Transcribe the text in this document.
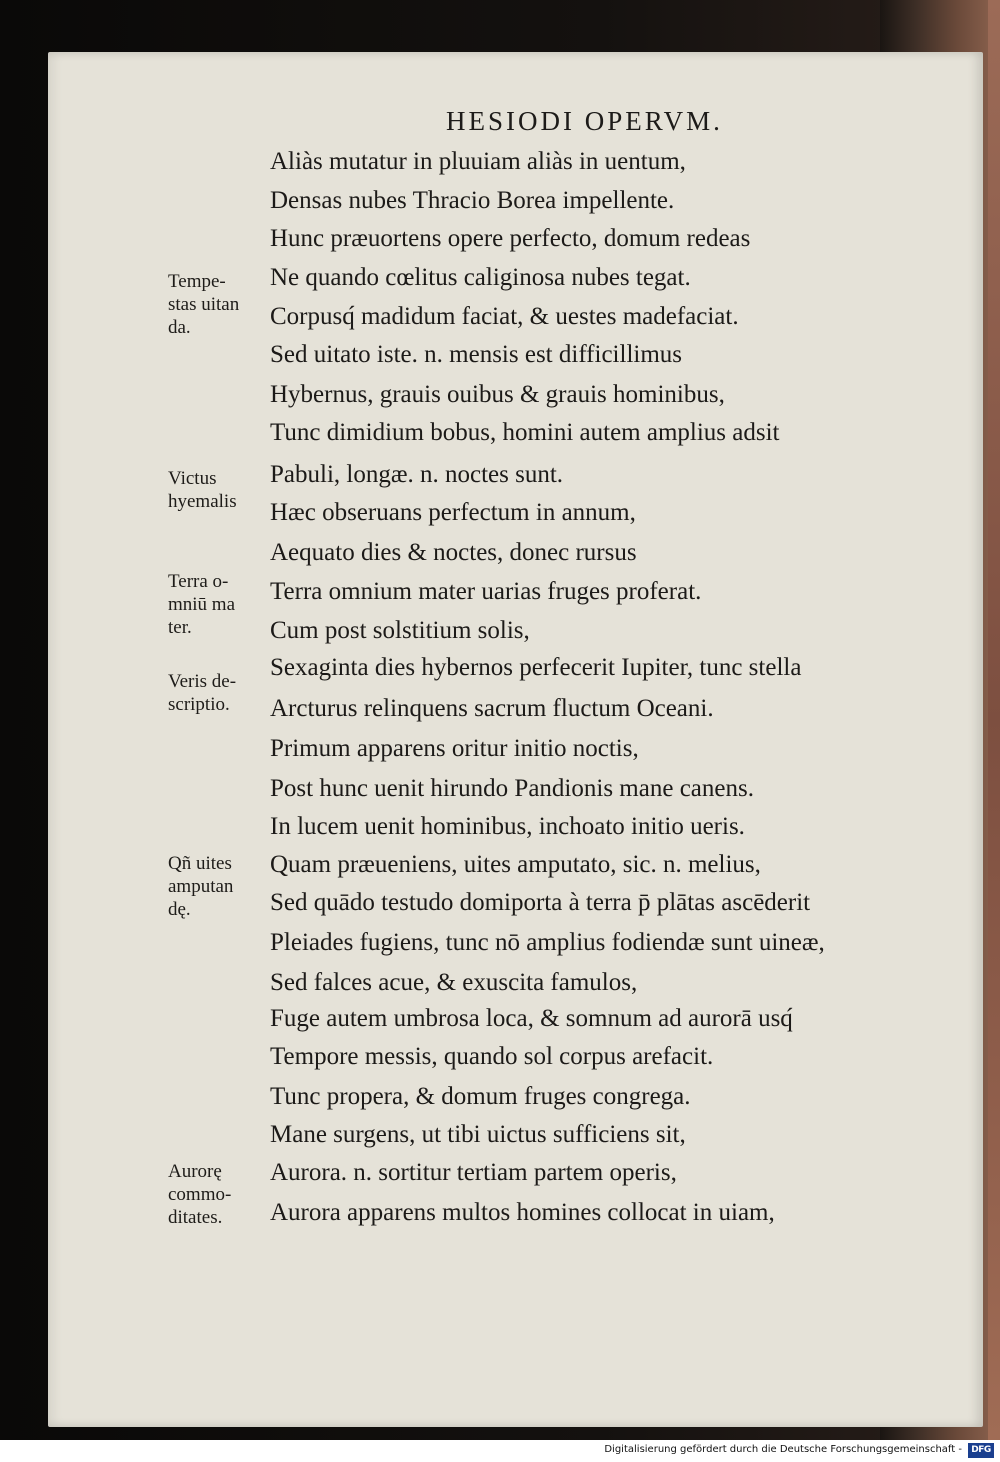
HESIODI OPERVM.
Aliàs mutatur in pluuiam aliàs in uentum,
Densas nubes Thracio Borea impellente.
Hunc præuortens opere perfecto, domum redeas
Ne quando cœlitus caliginosa nubes tegat.
Corpusq́ madidum faciat, & uestes madefaciat.
Sed uitato iste. n. mensis est difficillimus
Hybernus, grauis ouibus & grauis hominibus,
Tunc dimidium bobus, homini autem amplius adsit
Pabuli, longæ. n. noctes sunt.
Hæc obseruans perfectum in annum,
Aequato dies & noctes, donec rursus
Terra omnium mater uarias fruges proferat.
Cum post solstitium solis,
Sexaginta dies hybernos perfecerit Iupiter, tunc stella
Arcturus relinquens sacrum fluctum Oceani.
Primum apparens oritur initio noctis,
Post hunc uenit hirundo Pandionis mane canens.
In lucem uenit hominibus, inchoato initio ueris.
Quam præueniens, uites amputato, sic. n. melius,
Sed quādo testudo domiporta à terra p̄ plātas ascēderit
Pleiades fugiens, tunc nō amplius fodiendæ sunt uineæ,
Sed falces acue, & exuscita famulos,
Fuge autem umbrosa loca, & somnum ad aurorā usq́
Tempore messis, quando sol corpus arefacit.
Tunc propera, & domum fruges congrega.
Mane surgens, ut tibi uictus sufficiens sit,
Aurora. n. sortitur tertiam partem operis,
Aurora apparens multos homines collocat in uiam,
Tempe-
stas uitan
da.
Victus
hyemalis
Terra o-
mniū ma
ter.
Veris de-
scriptio.
Qñ uites
amputan
dę.
Aurorę
commo-
ditates.
Digitalisierung gefördert durch die Deutsche Forschungsgemeinschaft -	DFG
